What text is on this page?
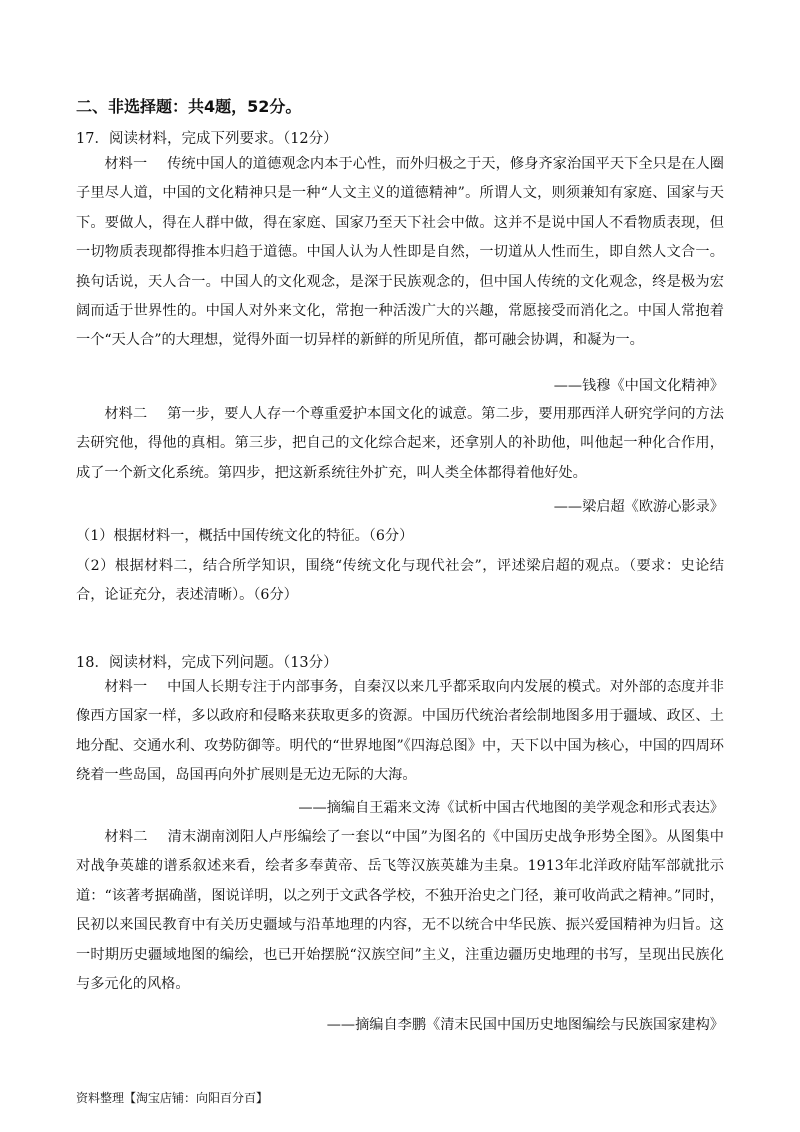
二、非选择题：共4题，52分。
17．阅读材料，完成下列要求。（12分）
材料一 传统中国人的道德观念内本于心性，而外归极之于天，修身齐家治国平天下全只是在人圈子里尽人道，中国的文化精神只是一种“人文主义的道德精神”。所谓人文，则须兼知有家庭、国家与天下。要做人，得在人群中做，得在家庭、国家乃至天下社会中做。这并不是说中国人不看物质表现，但一切物质表现都得推本归趋于道德。中国人认为人性即是自然，一切道从人性而生，即自然人文合一。换句话说，天人合一。中国人的文化观念，是深于民族观念的，但中国人传统的文化观念，终是极为宏阔而适于世界性的。中国人对外来文化，常抱一种活泼广大的兴趣，常愿接受而消化之。中国人常抱着一个“天人合”的大理想，觉得外面一切异样的新鲜的所见所值，都可融会协调，和凝为一。
——钱穆《中国文化精神》
材料二 第一步，要人人存一个尊重爱护本国文化的诚意。第二步，要用那西洋人研究学问的方法去研究他，得他的真相。第三步，把自己的文化综合起来，还拿别人的补助他，叫他起一种化合作用，成了一个新文化系统。第四步，把这新系统往外扩充，叫人类全体都得着他好处。
——梁启超《欧游心影录》
（1）根据材料一，概括中国传统文化的特征。（6分）
（2）根据材料二，结合所学知识，围绕“传统文化与现代社会”，评述梁启超的观点。（要求：史论结合，论证充分，表述清晰）。（6分）
18．阅读材料，完成下列问题。（13分）
材料一 中国人长期专注于内部事务，自秦汉以来几乎都采取向内发展的模式。对外部的态度并非像西方国家一样，多以政府和侵略来获取更多的资源。中国历代统治者绘制地图多用于疆域、政区、土地分配、交通水利、攻势防御等。明代的“世界地图”《四海总图》中，天下以中国为核心，中国的四周环绕着一些岛国，岛国再向外扩展则是无边无际的大海。
——摘编自王霜来文涛《试析中国古代地图的美学观念和形式表达》
材料二 清末湖南浏阳人卢彤编绘了一套以“中国”为图名的《中国历史战争形势全图》。从图集中对战争英雄的谱系叙述来看，绘者多奉黄帝、岳飞等汉族英雄为圭臬。1913年北洋政府陆军部就批示道：“该著考据确凿，图说详明，以之列于文武各学校，不独开治史之门径，兼可收尚武之精神。”同时，民初以来国民教育中有关历史疆域与沿革地理的内容，无不以统合中华民族、振兴爱国精神为归旨。这一时期历史疆域地图的编绘，也已开始摆脱“汉族空间”主义，注重边疆历史地理的书写，呈现出民族化与多元化的风格。
——摘编自李鹏《清末民国中国历史地图编绘与民族国家建构》
资料整理【淘宝店铺：向阳百分百】
